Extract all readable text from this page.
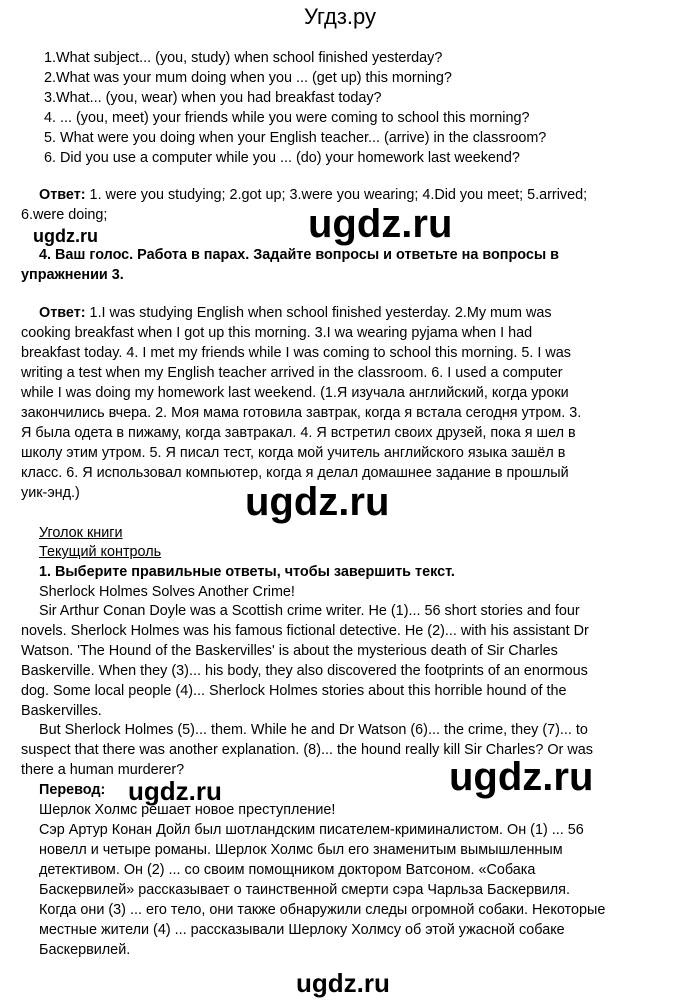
Угдз.ру
1.What subject... (you, study) when school finished yesterday?
2.What was your mum doing when you ... (get up) this morning?
3.What... (you, wear) when you had breakfast today?
4. ... (you, meet) your friends while you were coming to school this morning?
5. What were you doing when your English teacher... (arrive) in the classroom?
6. Did you use a computer while you ... (do) your homework last weekend?
Ответ: 1. were you studying; 2.got up; 3.were you wearing; 4.Did you meet; 5.arrived;
6.were doing;	ugdz.ru
ugdz.ru
4. Ваш голос. Работа в парах. Задайте вопросы и ответьте на вопросы в
упражнении 3.
Ответ: 1.I was studying English when school finished yesterday. 2.My mum was
cooking breakfast when I got up this morning. 3.I wa wearing pyjama when I had
breakfast today. 4. I met my friends while I was coming to school this morning. 5. I was
writing a test when my English teacher arrived in the classroom. 6. I used a computer
while I was doing my homework last weekend. (1.Я изучала английский, когда уроки
закончились вчера. 2. Моя мама готовила завтрак, когда я встала сегодня утром. 3.
Я была одета в пижаму, когда завтракал. 4. Я встретил своих друзей, пока я шел в
школу этим утром. 5. Я писал тест, когда мой учитель английского языка зашёл в
класс. 6. Я использовал компьютер, когда я делал домашнее задание в прошлый
уик-энд.)	ugdz.ru
Уголок книги
Текущий контроль
1. Выберите правильные ответы, чтобы завершить текст.
Sherlock Holmes Solves Another Crime!
Sir Arthur Conan Doyle was a Scottish crime writer. He (1)... 56 short stories and four
novels. Sherlock Holmes was his famous fictional detective. He (2)... with his assistant Dr
Watson. 'The Hound of the Baskervilles' is about the mysterious death of Sir Charles
Baskerville. When they (3)... his body, they also discovered the footprints of an enormous
dog. Some local people (4)... Sherlock Holmes stories about this horrible hound of the
Baskervilles.
But Sherlock Holmes (5)... them. While he and Dr Watson (6)... the crime, they (7)... to
suspect that there was another explanation. (8)... the hound really kill Sir Charles? Or was
there a human murderer?	ugdz.ru
Перевод: ugdz.ru
Шерлок Холмс решает новое преступление!
Сэр Артур Конан Дойл был шотландским писателем-криминалистом. Он (1) ... 56
новелл и четыре романы. Шерлок Холмс был его знаменитым вымышленным
детективом. Он (2) ... со своим помощником доктором Ватсоном. «Собака
Баскервилей» рассказывает о таинственной смерти сэра Чарльза Баскервиля.
Когда они (3) ... его тело, они также обнаружили следы огромной собаки. Некоторые
местные жители (4) ... рассказывали Шерлоку Холмсу об этой ужасной собаке
Баскервилей.
ugdz.ru
